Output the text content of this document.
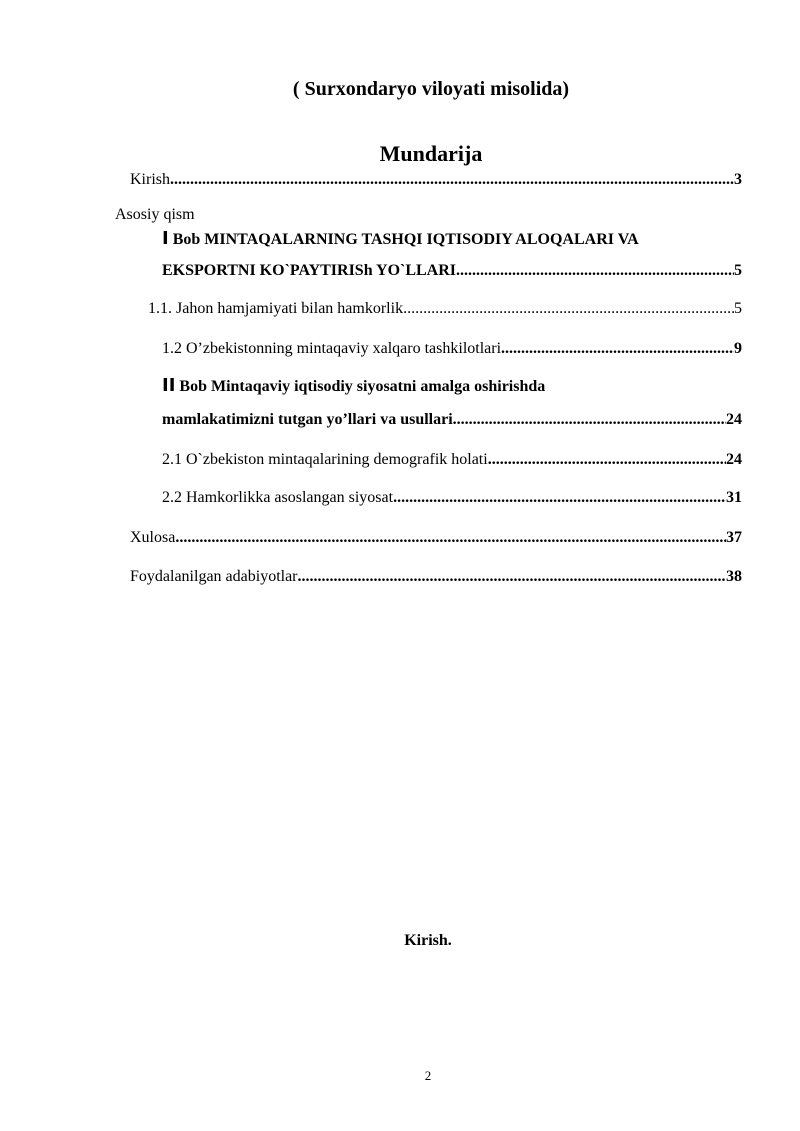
( Surxondaryo viloyati misolida)
Mundarija
Kirish .....	3
Asosiy qism
I Bob MINTAQALARNING TASHQI IQTISODIY ALOQALARI VA
EKSPORTNI KO`PAYTIRISh YO`LLARI .....	5
1.1. Jahon hamjamiyati bilan hamkorlik .....	5
1.2 O’zbekistonning mintaqaviy xalqaro tashkilotlari .....	9
II Bob Mintaqaviy iqtisodiy siyosatni amalga oshirishda
mamlakatimizni tutgan yo’llari va usullari .....	24
2.1 O`zbekiston mintaqalarining demografik holati .....	24
2.2 Hamkorlikka asoslangan siyosat .....	31
Xulosa .....	37
Foydalanilgan adabiyotlar .....	38
Kirish.
2
